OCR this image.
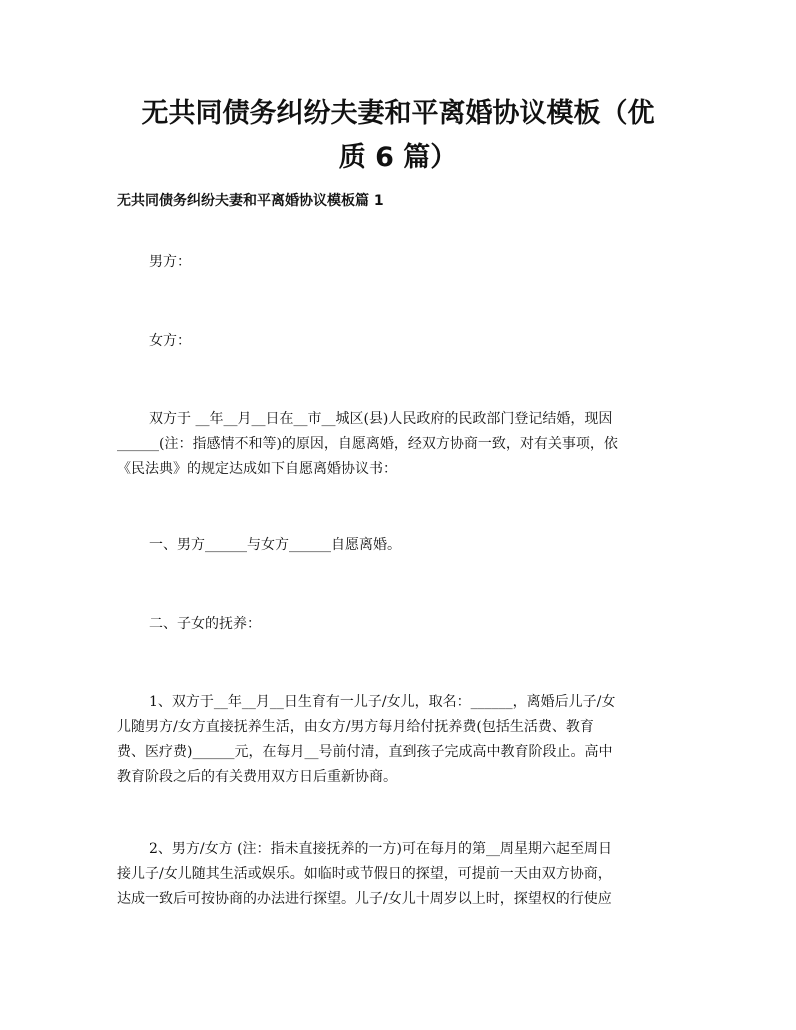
无共同债务纠纷夫妻和平离婚协议模板（优
质 6 篇）
无共同债务纠纷夫妻和平离婚协议模板篇 1

男方：

女方：

双方于 __年__月__日在__市__城区(县)人民政府的民政部门登记结婚，现因
______(注：指感情不和等)的原因，自愿离婚，经双方协商一致，对有关事项，依
《民法典》的规定达成如下自愿离婚协议书：

一、男方______与女方______自愿离婚。

二、子女的抚养：

1、双方于__年__月__日生育有一儿子/女儿，取名：______，离婚后儿子/女
儿随男方/女方直接抚养生活，由女方/男方每月给付抚养费(包括生活费、教育
费、医疗费)______元，在每月__号前付清，直到孩子完成高中教育阶段止。高中
教育阶段之后的有关费用双方日后重新协商。

2、男方/女方 (注：指未直接抚养的一方)可在每月的第__周星期六起至周日
接儿子/女儿随其生活或娱乐。如临时或节假日的探望，可提前一天由双方协商，
达成一致后可按协商的办法进行探望。儿子/女儿十周岁以上时，探望权的行使应
